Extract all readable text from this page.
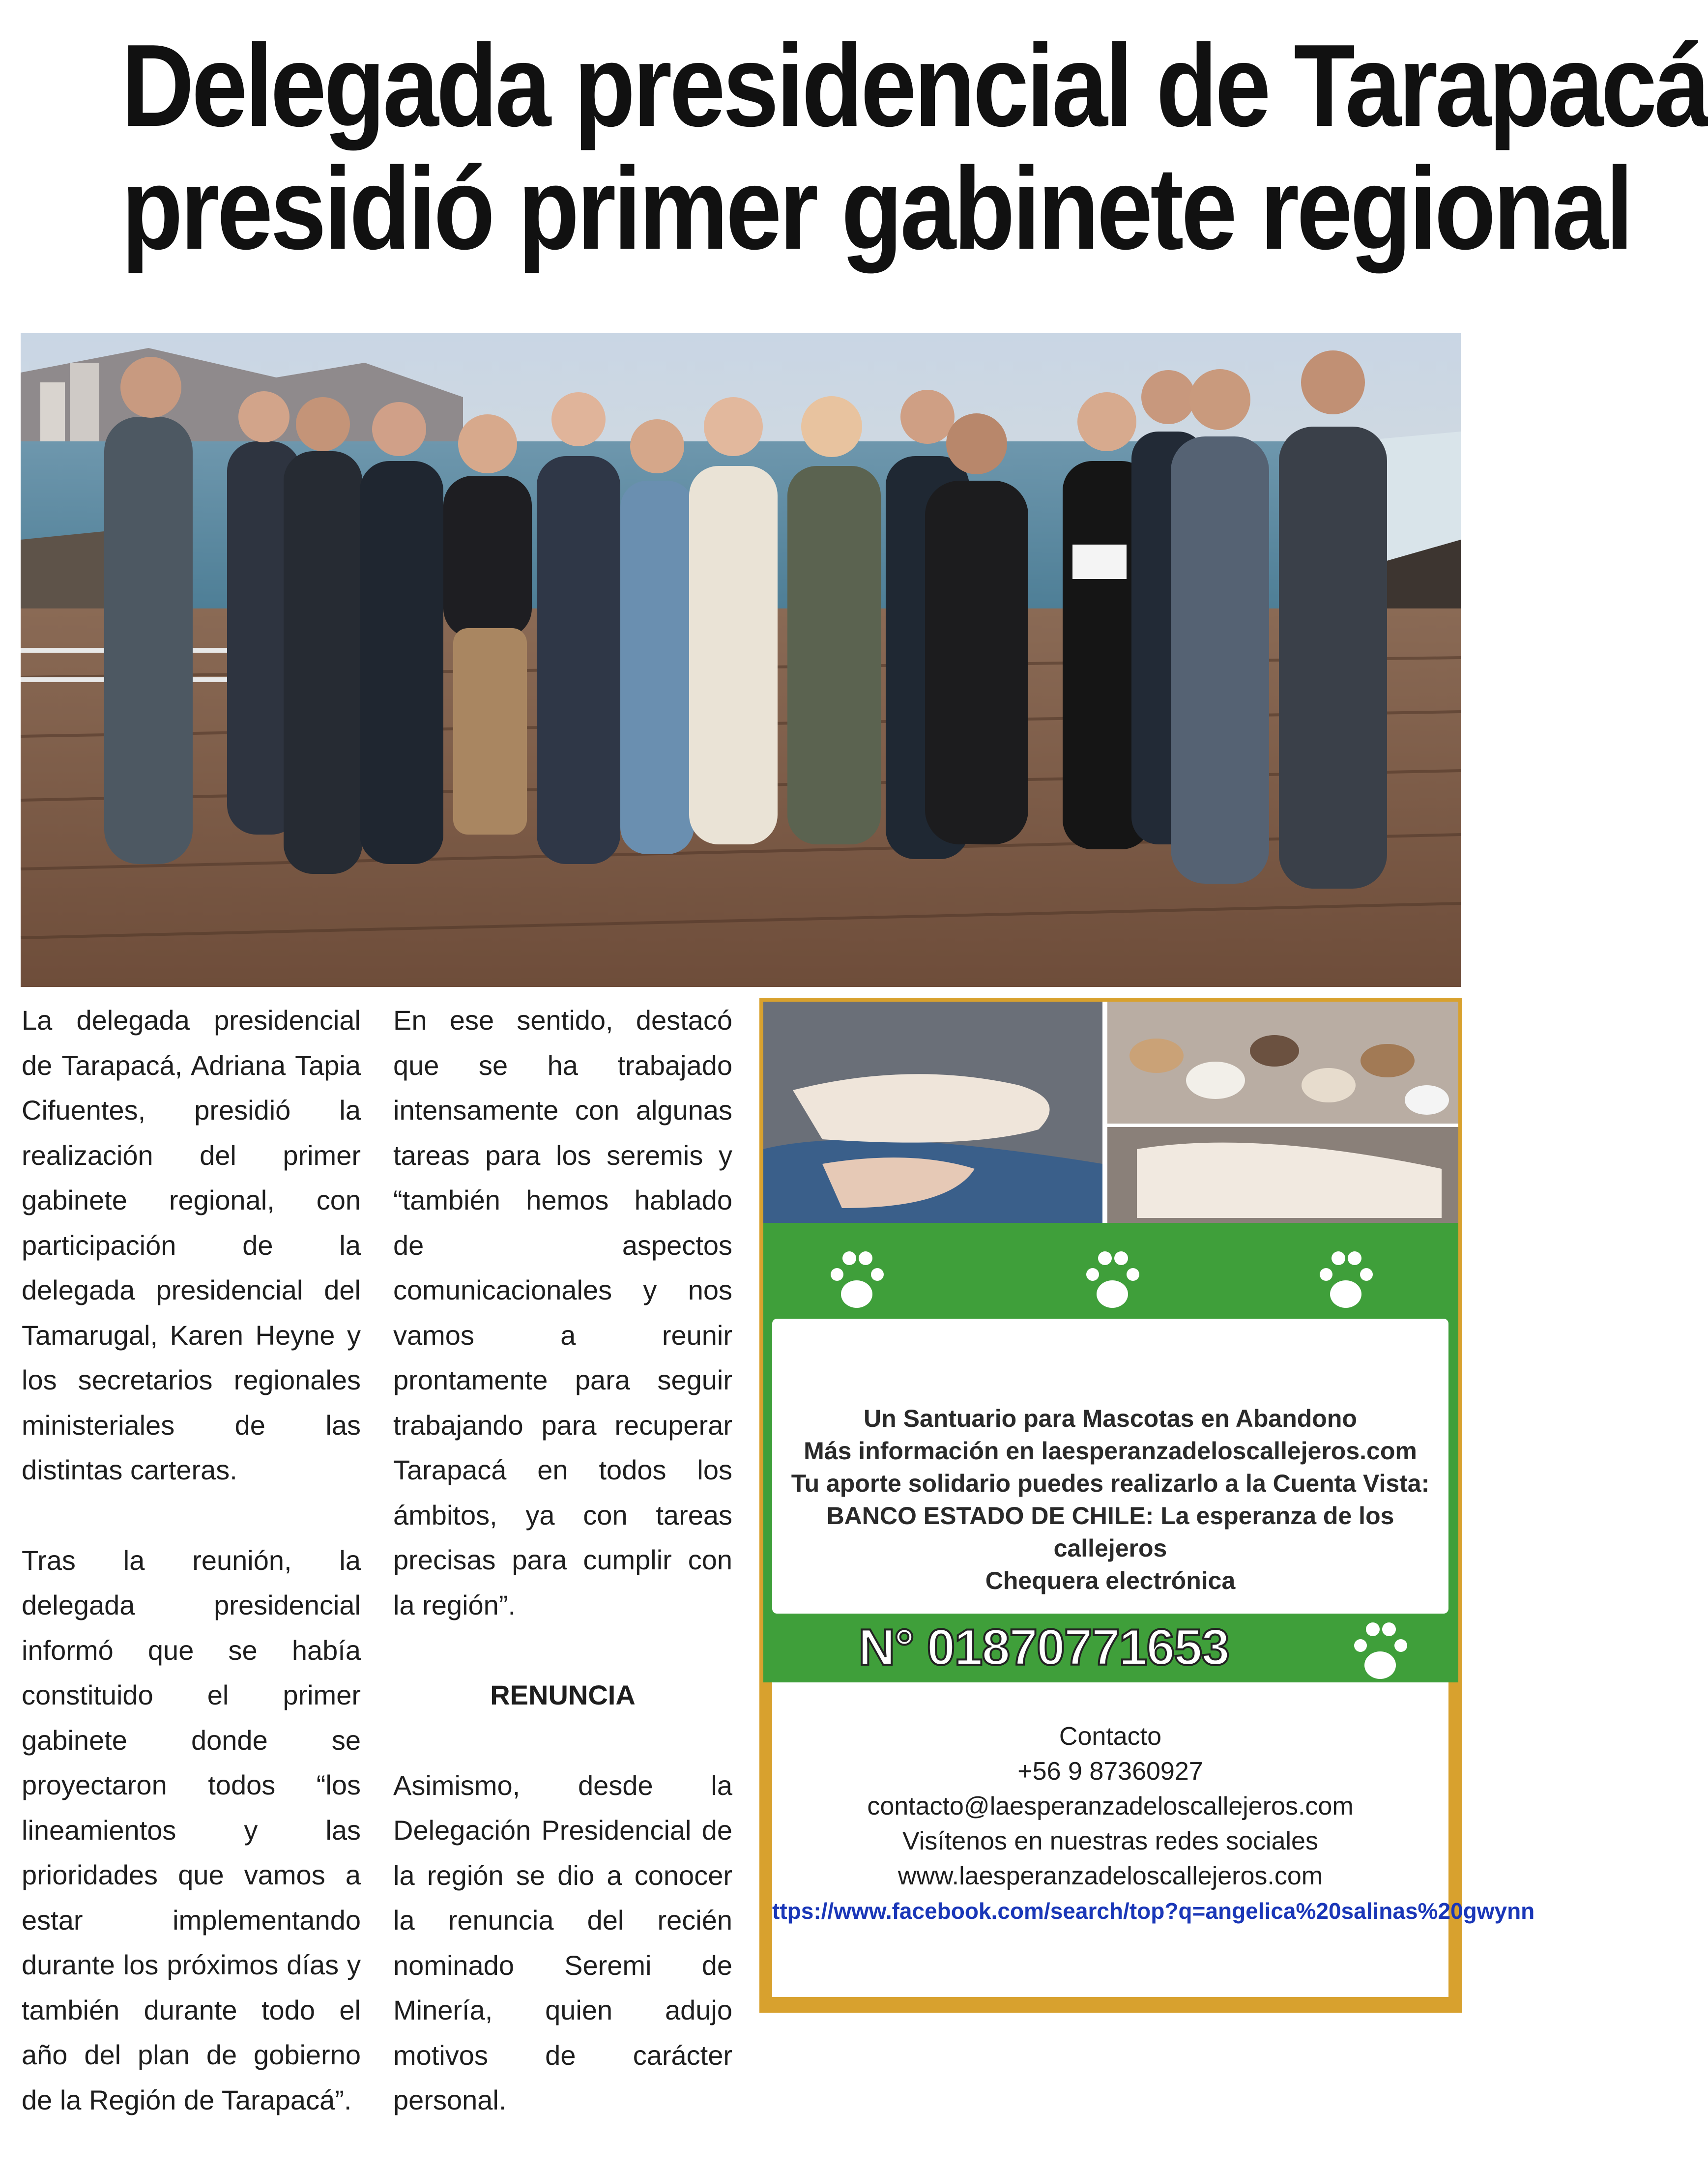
Delegada presidencial de Tarapacá
presidió primer gabinete regional

La delegada presidencial de Tarapacá, Adriana Tapia Cifuentes, presidió la realización del primer gabinete regional, con participación de la delegada presidencial del Tamarugal, Karen Heyne y los secretarios regionales ministeriales de las distintas carteras.

Tras la reunión, la delegada presidencial informó que se había constituido el primer gabinete donde se proyectaron todos “los lineamientos y las prioridades que vamos a estar implementando durante los próximos días y también durante todo el año del plan de gobierno de la Región de Tarapacá”.

En ese sentido, destacó que se ha trabajado intensamente con algunas tareas para los seremis y “también hemos hablado de aspectos comunicacionales y nos vamos a reunir prontamente para seguir trabajando para recuperar Tarapacá en todos los ámbitos, ya con tareas precisas para cumplir con la región”.

RENUNCIA

Asimismo, desde la Delegación Presidencial de la región se dio a conocer la renuncia del recién nominado Seremi de Minería, quien adujo motivos de carácter personal.

Un Santuario para Mascotas en Abandono
Más información en laesperanzadeloscallejeros.com
Tu aporte solidario puedes realizarlo a la Cuenta Vista:
BANCO ESTADO DE CHILE: La esperanza de los callejeros
Chequera electrónica
N° 01870771653
Contacto
+56 9 87360927
contacto@laesperanzadeloscallejeros.com
Visítenos en nuestras redes sociales
www.laesperanzadeloscallejeros.com
ttps://www.facebook.com/search/top?q=angelica%20salinas%20gwynn
